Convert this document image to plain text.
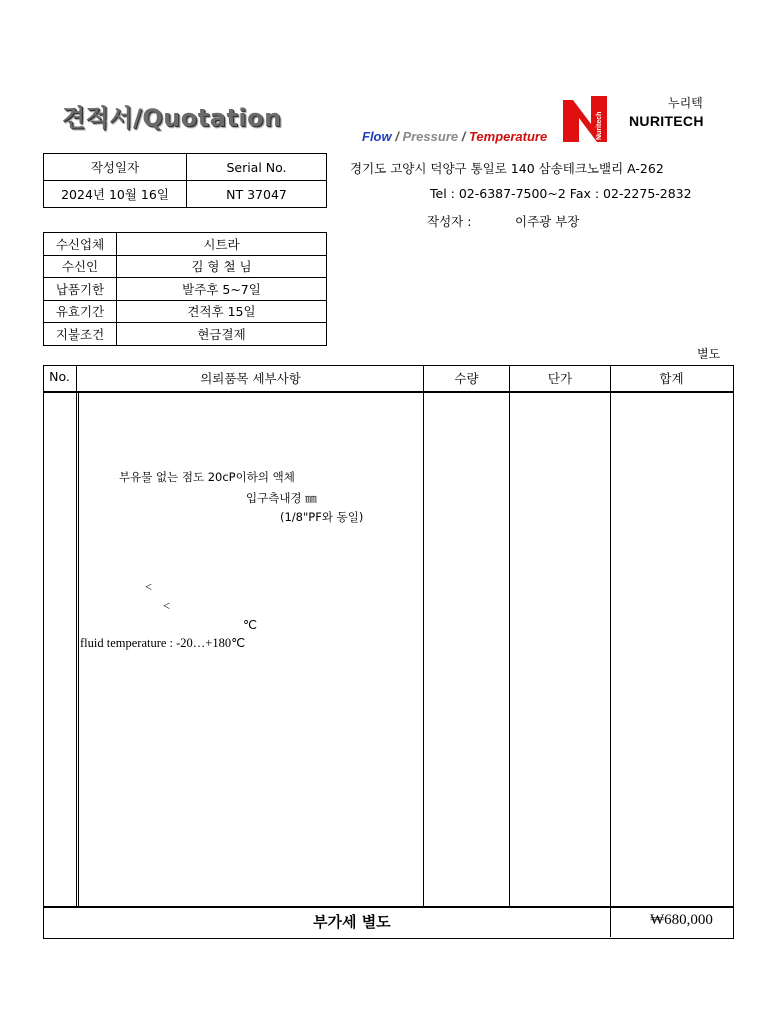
견적서/Quotation
Flow / Pressure / Temperature	Nuritech
누리텍
NURITECH
경기도 고양시 덕양구 통일로 140 삼송테크노밸리 A-262
Tel : 02-6387-7500~2 Fax : 02-2275-2832
작성자 :	이주광 부장
작성일자	Serial No.
2024년 10월 16일	NT 37047
수신업체	시트라
수신인	김 형 철 님
납품기한	발주후 5~7일
유효기간	견적후 15일
지불조건	현금결제
별도
No.	의뢰품목 세부사항	수량	단가	합계
부유물 없는 점도 20cP이하의 액체
입구측내경 ㎜
(1/8"PF와 동일)
<
<
℃
fluid temperature : -20…+180℃
부가세 별도	₩680,000
